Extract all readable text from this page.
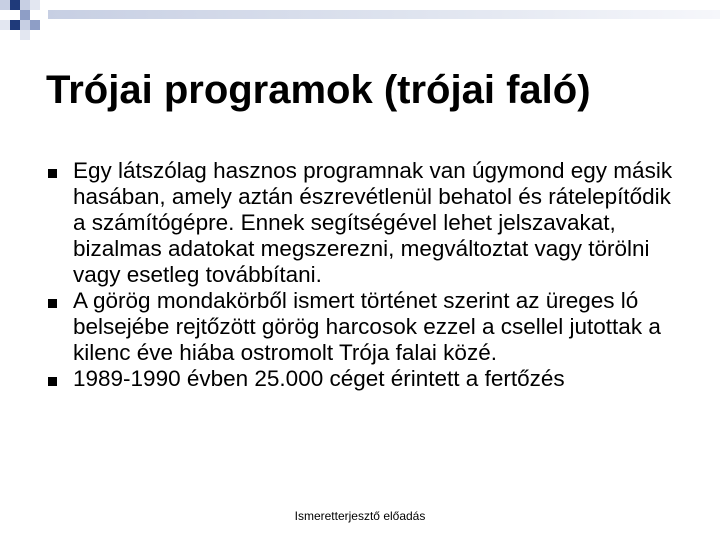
Trójai programok (trójai faló)
Egy látszólag hasznos programnak van úgymond egy másik hasában, amely aztán észrevétlenül behatol és rátelepítődik a számítógépre. Ennek segítségével lehet jelszavakat, bizalmas adatokat megszerezni, megváltoztat vagy törölni vagy esetleg továbbítani.
A görög mondakörből ismert történet szerint az üreges ló belsejébe rejtőzött görög harcosok ezzel a csellel jutottak a kilenc éve hiába ostromolt Trója falai közé.
1989-1990 évben 25.000 céget érintett a fertőzés
Ismeretterjesztő előadás
